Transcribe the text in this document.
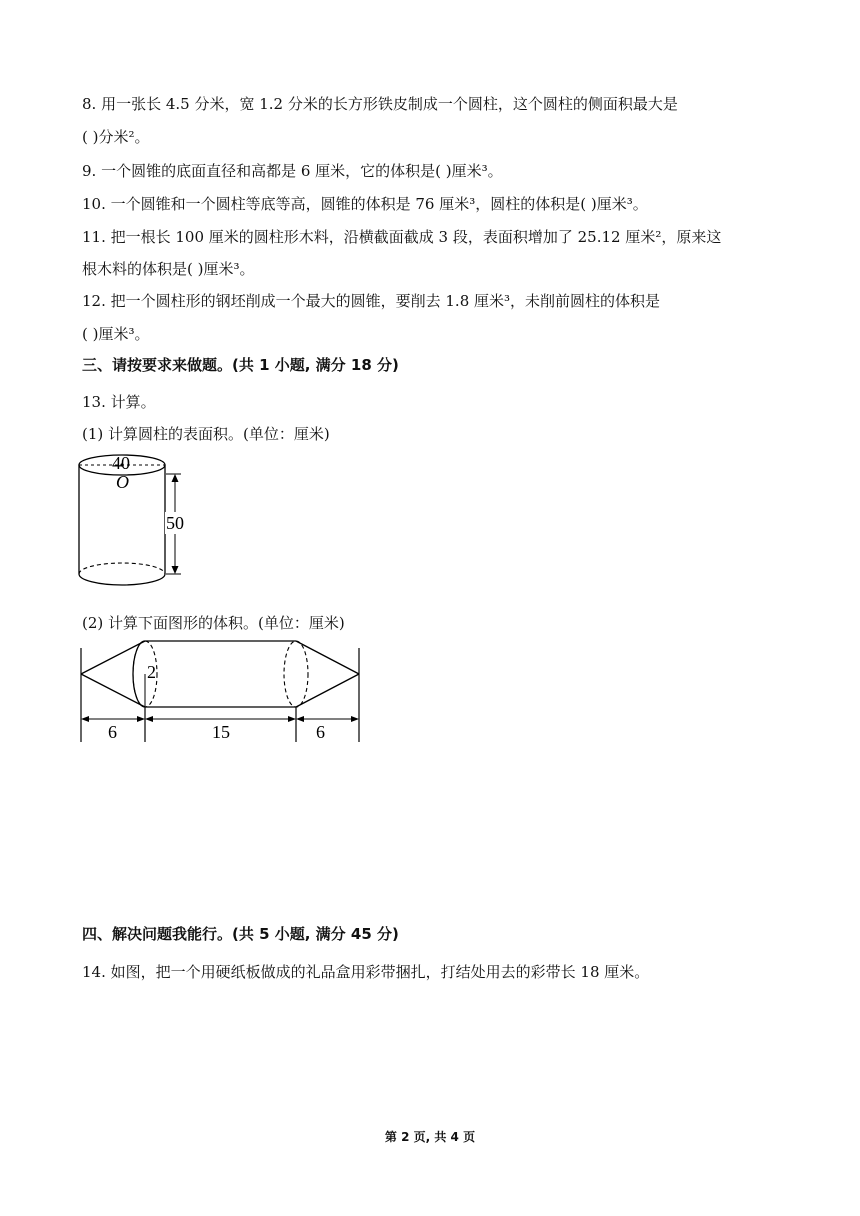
8. 用一张长 4.5 分米，宽 1.2 分米的长方形铁皮制成一个圆柱，这个圆柱的侧面积最大是
( )分米²。
9. 一个圆锥的底面直径和高都是 6 厘米，它的体积是( )厘米³。
10. 一个圆锥和一个圆柱等底等高，圆锥的体积是 76 厘米³，圆柱的体积是( )厘米³。
11. 把一根长 100 厘米的圆柱形木料，沿横截面截成 3 段，表面积增加了 25.12 厘米²，原来这
根木料的体积是( )厘米³。
12. 把一个圆柱形的钢坯削成一个最大的圆锥，要削去 1.8 厘米³，未削前圆柱的体积是
( )厘米³。
三、请按要求来做题。(共 1 小题, 满分 18 分)
13. 计算。
(1) 计算圆柱的表面积。(单位：厘米)
40
O
50
(2) 计算下面图形的体积。(单位：厘米)
2
6	15	6
四、解决问题我能行。(共 5 小题, 满分 45 分)
14. 如图，把一个用硬纸板做成的礼品盒用彩带捆扎，打结处用去的彩带长 18 厘米。
第 2 页, 共 4 页
